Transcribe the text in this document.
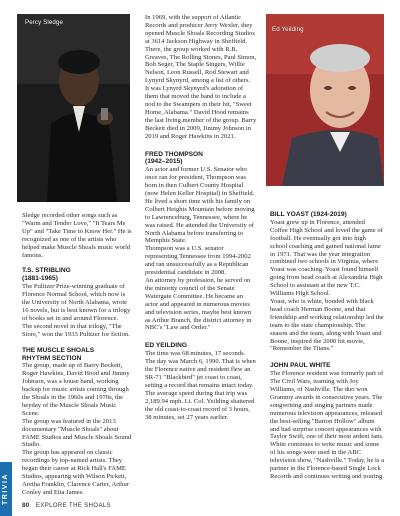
Percy Sledge
Ed Yeilding

Sledge recorded other songs such as "Warm and Tender Love," "It Tears Me Up" and "Take Time to Know Her." He is recognized as one of the artists who helped make Muscle Shoals music world famous.

T.S. STRIBLING
(1881-1965)

The Pulitzer Prize-winning graduate of Florence Normal School, which now is the University of North Alabama, wrote 16 novels, but is best known for a trilogy of books set in and around Florence.

The second novel in that trilogy, "The Store," won the 1933 Pulitzer for fiction.

THE MUSCLE SHOALS
RHYTHM SECTION

The group, made up of Barry Beckett, Roger Hawkins, David Hood and Jimmy Johnson, was a house band, working backup for music artists coming through the Shoals in the 1960s and 1970s, the heyday of the Muscle Shoals Music Scene.

The group was featured in the 2013 documentary "Muscle Shoals" about FAME Studios and Muscle Shoals Sound Studio.

The group has appeared on classic recordings by top-named artists. They began their career at Rick Hall's FAME Studios, appearing with Wilson Pickett, Aretha Franklin, Clarence Carter, Arthur Conley and Etta James.

In 1969, with the support of Atlantic Records and producer Jerry Wexler, they opened Muscle Shoals Recording Studios at 3614 Jackson Highway in Sheffield.

There, the group worked with R.B. Greaves, The Rolling Stones, Paul Simon, Bob Seger, The Staple Singers, Willie Nelson, Leon Russell, Rod Stewart and Lynyrd Skynyrd, among a list of others.

It was Lynyrd Skynyrd's adoration of them that moved the band to include a nod to the Swampers in their hit, "Sweet Home, Alabama." David Hood remains the last living member of the group. Barry Beckett died in 2009, Jimmy Johnson in 2019 and Roger Hawkins in 2021.

FRED THOMPSON
(1942–2015)

An actor and former U.S. Senator who once ran for president, Thompson was born in then Culbert County Hospital (now Helen Keller Hospital) in Sheffield. He lived a short time with his family on Colbert Heights Mountain before moving to Lawrenceburg, Tennessee, where he was raised. He attended the University of North Alabama before transferring to Memphis State.

Thompson was a U.S. senator representing Tennessee from 1994-2002 and ran unsuccessfully as a Republican presidential candidate in 2008.

An attorney by profession, he served on the minority council of the Senate Watergate Committee. He became an actor and appeared in numerous movies and television series, maybe best known as Arthur Branch, the district attorney in NBC's "Law and Order."

ED YEILDING

The time was 68 minutes, 17 seconds. The day was March 6, 1990. That is when the Florence native and resident flew an SR-71 "Blackbird" jet coast to coast, setting a record that remains intact today. The average speed during that trip was 2,189.94 mph. Lt. Col. Yeilding shattered the old coast-to-coast record of 3 hours, 38 minutes, set 27 years earlier.

BILL YOAST (1924-2019)

Yoast grew up in Florence, attended Coffee High School and loved the game of football. He eventually got into high school coaching and gained national fame in 1971. That was the year integration combined two schools in Virginia, where Yoast was coaching. Yoast found himself going from head coach at Alexandria High School to assistant at the new T.C. Williams High School.

Yoast, who is white, bonded with black head coach Herman Boone, and that friendship and working relationship led the team to the state championship. The season and the team, along with Yoast and Boone, inspired the 2000 hit movie, "Remember the Titans."

JOHN PAUL WHITE

The Florence resident was formerly part of The Civil Wars, teaming with Joy Williams, of Nashville. The duo won Grammy awards in consecutive years. The songwriting and singing partners made numerous television appearances, released the best-selling "Barton Hollow" album and had surprise concert appearances with Taylor Swift, one of their most ardent fans.

White continues to write music and some of his songs were used in the ABC television show, "Nashville." Today, he is a partner in the Florence-based Single Lock Records and continues writing and touring.

TRIVIA
80 EXPLORE THE SHOALS
